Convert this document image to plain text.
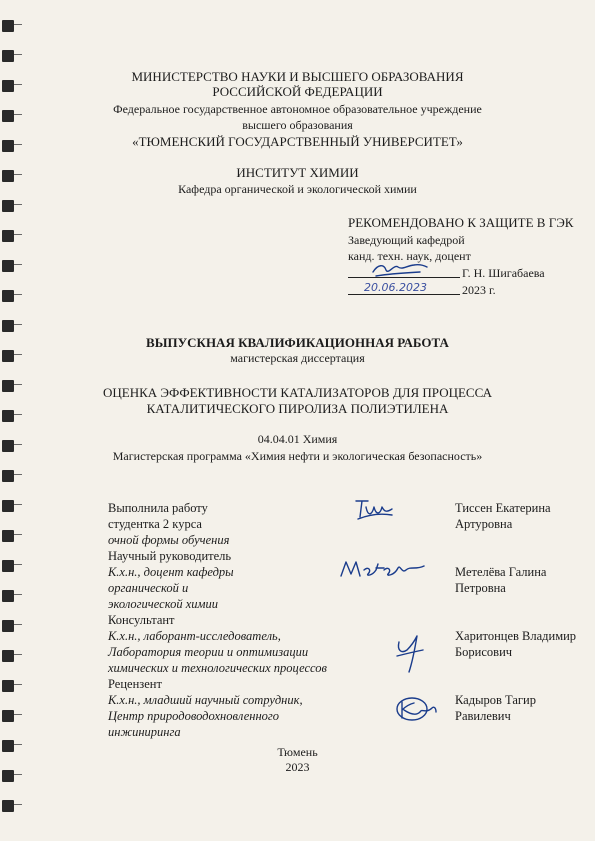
МИНИСТЕРСТВО НАУКИ И ВЫСШЕГО ОБРАЗОВАНИЯ
РОССИЙСКОЙ ФЕДЕРАЦИИ
Федеральное государственное автономное образовательное учреждение
высшего образования
«ТЮМЕНСКИЙ ГОСУДАРСТВЕННЫЙ УНИВЕРСИТЕТ»
ИНСТИТУТ ХИМИИ
Кафедра органической и экологической химии
РЕКОМЕНДОВАНО К ЗАЩИТЕ В ГЭК
Заведующий кафедрой
канд. техн. наук, доцент
Г. Н. Шигабаева
20.06.2023	2023 г.
ВЫПУСКНАЯ КВАЛИФИКАЦИОННАЯ РАБОТА
магистерская диссертация
ОЦЕНКА ЭФФЕКТИВНОСТИ КАТАЛИЗАТОРОВ ДЛЯ ПРОЦЕССА
КАТАЛИТИЧЕСКОГО ПИРОЛИЗА ПОЛИЭТИЛЕНА
04.04.01 Химия
Магистерская программа «Химия нефти и экологическая безопасность»
Выполнила работу
студентка 2 курса
очной формы обучения
Тиссен Екатерина
Артуровна
Научный руководитель
К.х.н., доцент кафедры
органической и
экологической химии
Метелёва Галина
Петровна
Консультант
К.х.н., лаборант-исследователь,
Лаборатория теории и оптимизации
химических и технологических процессов
Харитонцев Владимир
Борисович
Рецензент
К.х.н., младший научный сотрудник,
Центр природоводохновленного
инжиниринга
Кадыров Тагир
Равилевич
Тюмень
2023
